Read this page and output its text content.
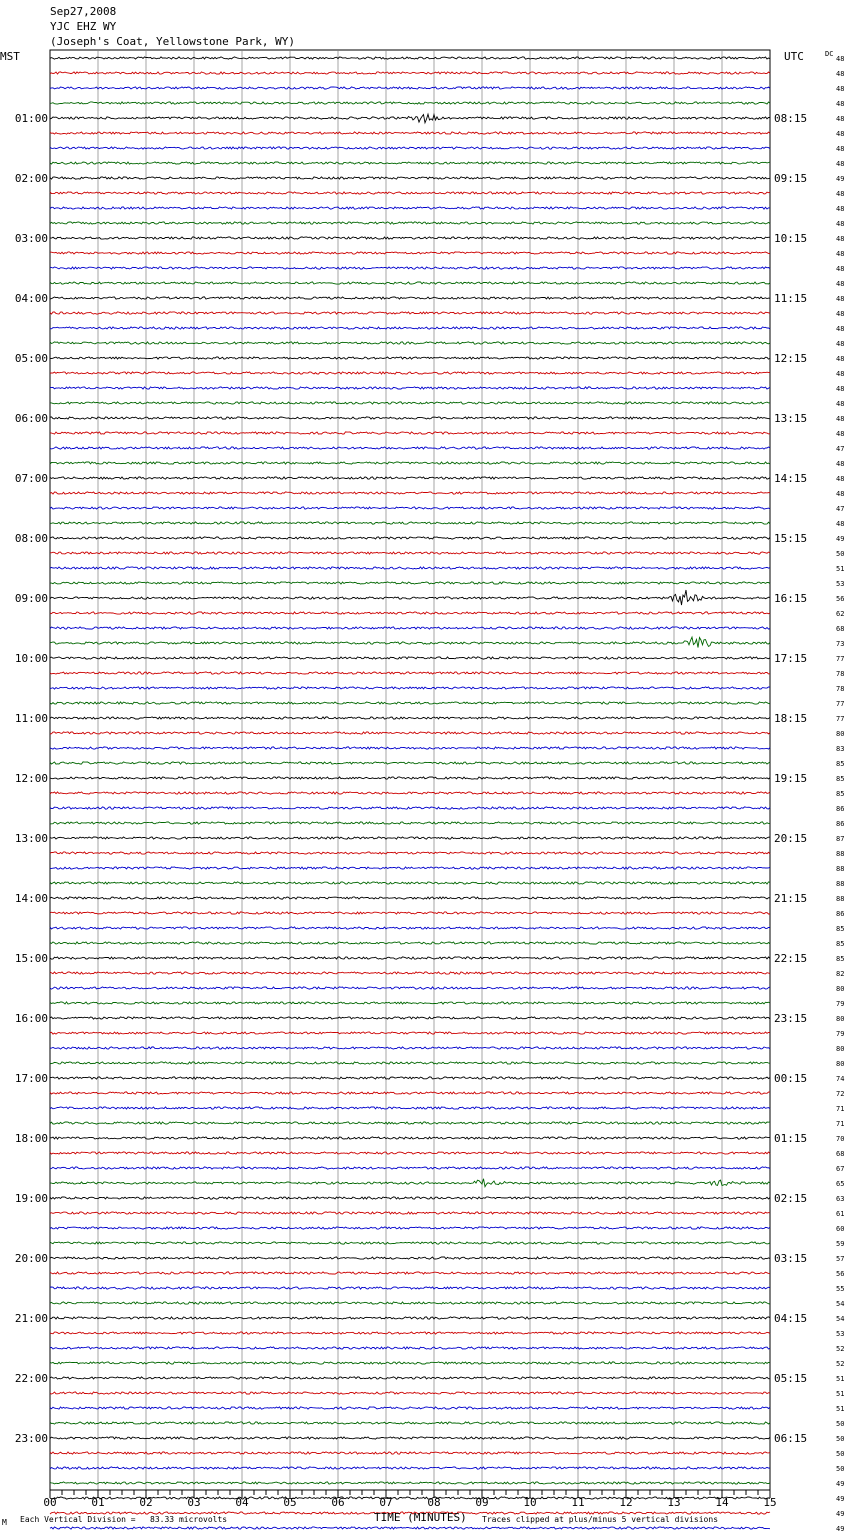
Sep27,2008
YJC EHZ WY
(Joseph's Coat, Yellowstone Park, WY)
MST	UTC	DC
00	01	02	03	04	05	06	07	08	09	10	11	12	13	14	15
48
48
48
48
48
48
48
48
49
48
48
48
48
48
48
48
48
48
48
48
48
48
48
48
48
48
47
48
48
48
47
48
49
50
51
53
56
62
68
73
77
78
78
77
77
80
83
85
85
85
86
86
87
88
88
88
88
86
85
85
85
82
80
79
80
79
80
80
74
72
71
71
70
68
67
65
63
61
60
59
57
56
55
54
54
53
52
52
51
51
51
50
50
50
50
49
49
49
49
01:00
02:00
03:00
04:00
05:00
06:00
07:00
08:00
09:00
10:00
11:00
12:00
13:00
14:00
15:00
16:00
17:00
18:00
19:00
20:00
21:00
22:00
23:00
08:15
09:15
10:15
11:15
12:15
13:15
14:15
15:15
16:15
17:15
18:15
19:15
20:15
21:15
22:15
23:15
00:15
01:15
02:15
03:15
04:15
05:15
06:15
TIME (MINUTES)
M Each Vertical Division =   83.33 microvolts	Traces clipped at plus/minus 5 vertical divisions
